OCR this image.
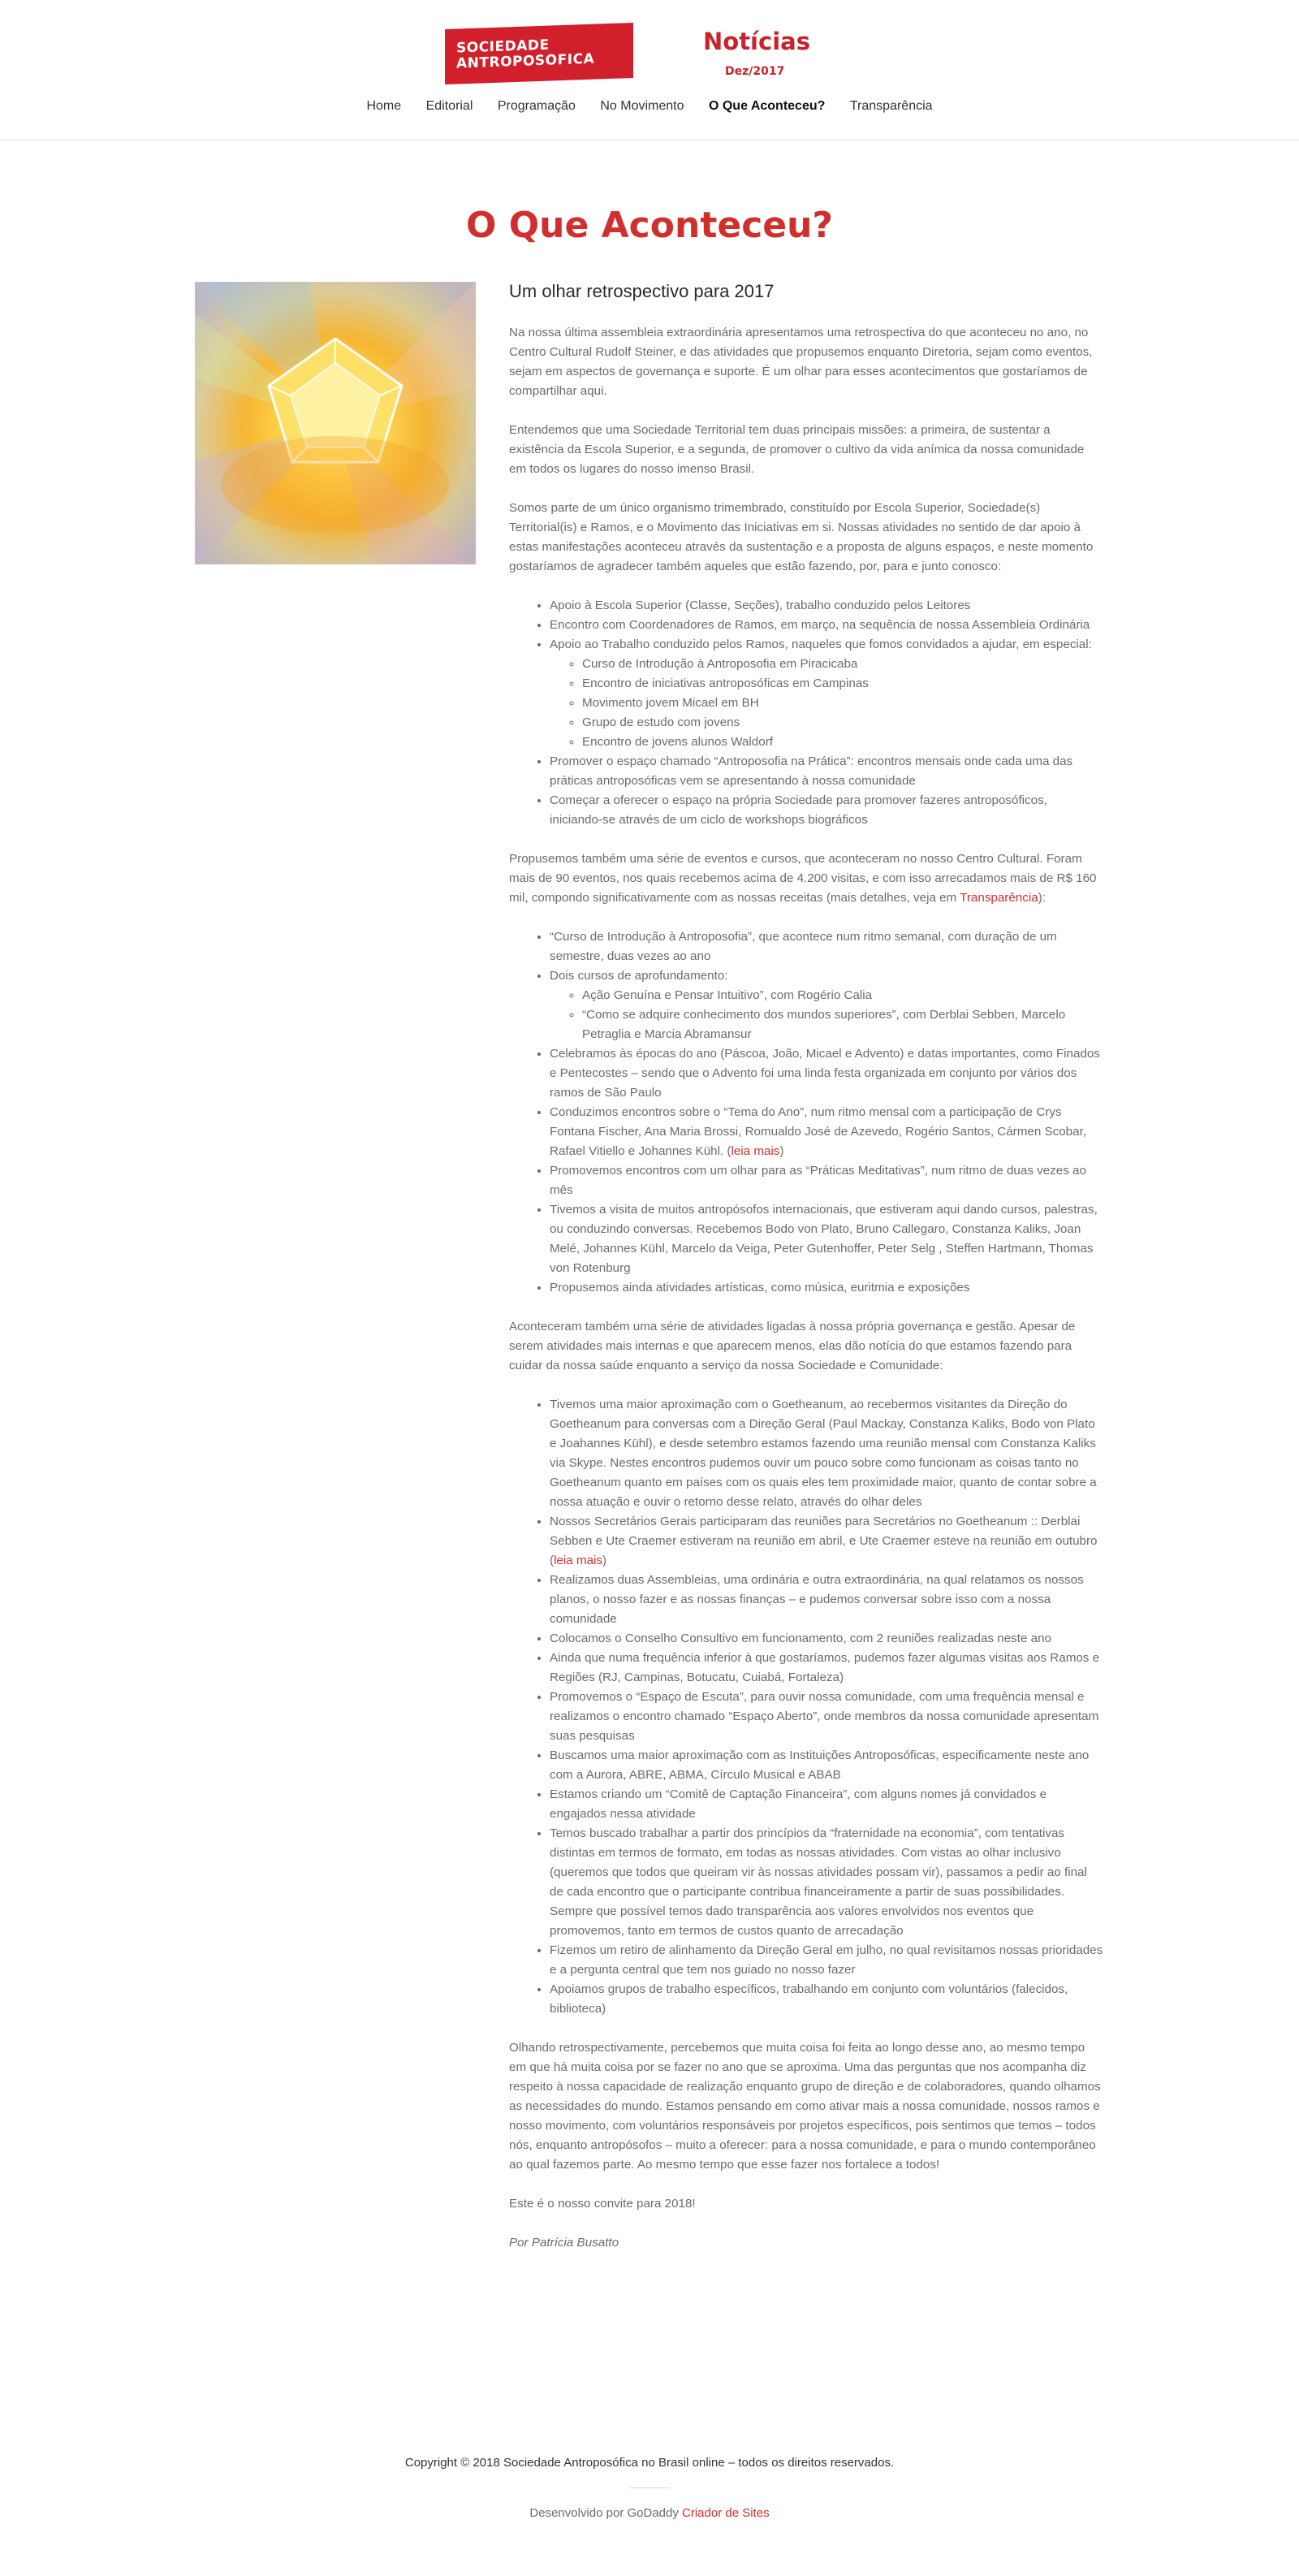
SOCIEDADE
ANTROPOSOFICA
Notícias
Dez/2017
Home Editorial Programação No Movimento O Que Aconteceu? Transparência
O Que Aconteceu?
Um olhar retrospectivo para 2017

Na nossa última assembleia extraordinária apresentamos uma retrospectiva do que aconteceu no ano, no Centro Cultural Rudolf Steiner, e das atividades que propusemos enquanto Diretoria, sejam como eventos, sejam em aspectos de governança e suporte. É um olhar para esses acontecimentos que gostaríamos de compartilhar aqui.

Entendemos que uma Sociedade Territorial tem duas principais missões: a primeira, de sustentar a existência da Escola Superior, e a segunda, de promover o cultivo da vida anímica da nossa comunidade em todos os lugares do nosso imenso Brasil.

Somos parte de um único organismo trimembrado, constituído por Escola Superior, Sociedade(s) Territorial(is) e Ramos, e o Movimento das Iniciativas em si. Nossas atividades no sentido de dar apoio à estas manifestações aconteceu através da sustentação e a proposta de alguns espaços, e neste momento gostaríamos de agradecer também aqueles que estão fazendo, por, para e junto conosco:

• Apoio à Escola Superior (Classe, Seções), trabalho conduzido pelos Leitores
• Encontro com Coordenadores de Ramos, em março, na sequência de nossa Assembleia Ordinária
• Apoio ao Trabalho conduzido pelos Ramos, naqueles que fomos convidados a ajudar, em especial:
◦ Curso de Introdução à Antroposofia em Piracicaba
◦ Encontro de iniciativas antroposóficas em Campinas
◦ Movimento jovem Micael em BH
◦ Grupo de estudo com jovens
◦ Encontro de jovens alunos Waldorf
• Promover o espaço chamado “Antroposofia na Prática”: encontros mensais onde cada uma das práticas antroposóficas vem se apresentando à nossa comunidade
• Começar a oferecer o espaço na própria Sociedade para promover fazeres antroposóficos, iniciando-se através de um ciclo de workshops biográficos

Propusemos também uma série de eventos e cursos, que aconteceram no nosso Centro Cultural. Foram mais de 90 eventos, nos quais recebemos acima de 4.200 visitas, e com isso arrecadamos mais de R$ 160 mil, compondo significativamente com as nossas receitas (mais detalhes, veja em Transparência):

• “Curso de Introdução à Antroposofia”, que acontece num ritmo semanal, com duração de um semestre, duas vezes ao ano
• Dois cursos de aprofundamento:
◦ Ação Genuína e Pensar Intuitivo”, com Rogério Calia
◦ “Como se adquire conhecimento dos mundos superiores”, com Derblai Sebben, Marcelo Petraglia e Marcia Abramansur
• Celebramos às épocas do ano (Páscoa, João, Micael e Advento) e datas importantes, como Finados e Pentecostes – sendo que o Advento foi uma linda festa organizada em conjunto por vários dos ramos de São Paulo
• Conduzimos encontros sobre o “Tema do Ano”, num ritmo mensal com a participação de Crys Fontana Fischer, Ana Maria Brossi, Romualdo José de Azevedo, Rogério Santos, Cármen Scobar, Rafael Vitiello e Johannes Kühl. (leia mais)
• Promovemos encontros com um olhar para as “Práticas Meditativas”, num ritmo de duas vezes ao mês
• Tivemos a visita de muitos antropósofos internacionais, que estiveram aqui dando cursos, palestras, ou conduzindo conversas. Recebemos Bodo von Plato, Bruno Callegaro, Constanza Kaliks, Joan Melé, Johannes Kühl, Marcelo da Veiga, Peter Gutenhoffer, Peter Selg , Steffen Hartmann, Thomas von Rotenburg
• Propusemos ainda atividades artísticas, como música, euritmia e exposições

Aconteceram também uma série de atividades ligadas à nossa própria governança e gestão. Apesar de serem atividades mais internas e que aparecem menos, elas dão notícia do que estamos fazendo para cuidar da nossa saúde enquanto a serviço da nossa Sociedade e Comunidade:

• Tivemos uma maior aproximação com o Goetheanum, ao recebermos visitantes da Direção do Goetheanum para conversas com a Direção Geral (Paul Mackay, Constanza Kaliks, Bodo von Plato e Joahannes Kühl), e desde setembro estamos fazendo uma reunião mensal com Constanza Kaliks via Skype. Nestes encontros pudemos ouvir um pouco sobre como funcionam as coisas tanto no Goetheanum quanto em países com os quais eles tem proximidade maior, quanto de contar sobre a nossa atuação e ouvir o retorno desse relato, através do olhar deles
• Nossos Secretários Gerais participaram das reuniões para Secretários no Goetheanum :: Derblai Sebben e Ute Craemer estiveram na reunião em abril, e Ute Craemer esteve na reunião em outubro (leia mais)
• Realizamos duas Assembleias, uma ordinária e outra extraordinária, na qual relatamos os nossos planos, o nosso fazer e as nossas finanças – e pudemos conversar sobre isso com a nossa comunidade
• Colocamos o Conselho Consultivo em funcionamento, com 2 reuniões realizadas neste ano
• Ainda que numa frequência inferior à que gostaríamos, pudemos fazer algumas visitas aos Ramos e Regiões (RJ, Campinas, Botucatu, Cuiabá, Fortaleza)
• Promovemos o “Espaço de Escuta”, para ouvir nossa comunidade, com uma frequência mensal e realizamos o encontro chamado “Espaço Aberto”, onde membros da nossa comunidade apresentam suas pesquisas
• Buscamos uma maior aproximação com as Instituições Antroposóficas, especificamente neste ano com a Aurora, ABRE, ABMA, Círculo Musical e ABAB
• Estamos criando um “Comitê de Captação Financeira”, com alguns nomes já convidados e engajados nessa atividade
• Temos buscado trabalhar a partir dos princípios da “fraternidade na economia”, com tentativas distintas em termos de formato, em todas as nossas atividades. Com vistas ao olhar inclusivo (queremos que todos que queiram vir às nossas atividades possam vir), passamos a pedir ao final de cada encontro que o participante contribua financeiramente a partir de suas possibilidades. Sempre que possível temos dado transparência aos valores envolvidos nos eventos que promovemos, tanto em termos de custos quanto de arrecadação
• Fizemos um retiro de alinhamento da Direção Geral em julho, no qual revisitamos nossas prioridades e a pergunta central que tem nos guiado no nosso fazer
• Apoiamos grupos de trabalho específicos, trabalhando em conjunto com voluntários (falecidos, biblioteca)

Olhando retrospectivamente, percebemos que muita coisa foi feita ao longo desse ano, ao mesmo tempo em que há muita coisa por se fazer no ano que se aproxima. Uma das perguntas que nos acompanha diz respeito à nossa capacidade de realização enquanto grupo de direção e de colaboradores, quando olhamos as necessidades do mundo. Estamos pensando em como ativar mais a nossa comunidade, nossos ramos e nosso movimento, com voluntários responsáveis por projetos específicos, pois sentimos que temos – todos nós, enquanto antropósofos – muito a oferecer: para a nossa comunidade, e para o mundo contemporâneo ao qual fazemos parte. Ao mesmo tempo que esse fazer nos fortalece a todos!

Este é o nosso convite para 2018!

Por Patrícia Busatto

Copyright © 2018 Sociedade Antroposófica no Brasil online – todos os direitos reservados.
Desenvolvido por GoDaddy Criador de Sites
